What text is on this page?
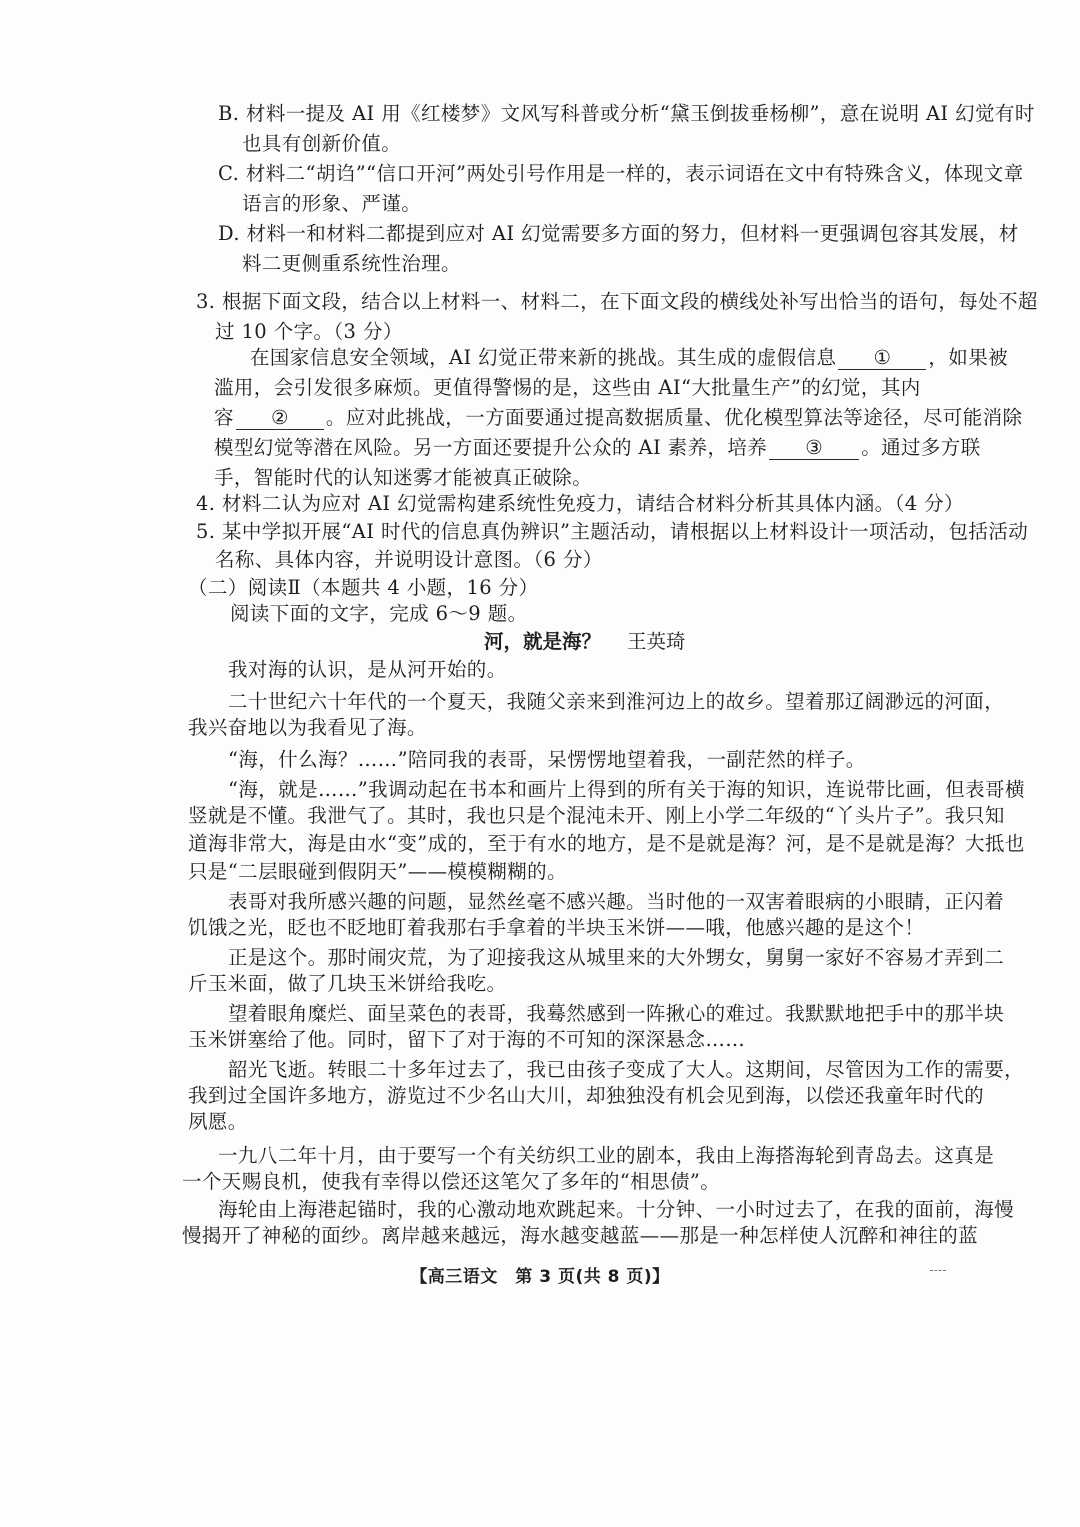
B. 材料一提及 AI 用《红楼梦》文风写科普或分析“黛玉倒拔垂杨柳”，意在说明 AI 幻觉有时
也具有创新价值。
C. 材料二“胡诌”“信口开河”两处引号作用是一样的，表示词语在文中有特殊含义，体现文章
语言的形象、严谨。
D. 材料一和材料二都提到应对 AI 幻觉需要多方面的努力，但材料一更强调包容其发展，材
料二更侧重系统性治理。
3. 根据下面文段，结合以上材料一、材料二，在下面文段的横线处补写出恰当的语句，每处不超
过 10 个字。（3 分）
在国家信息安全领域，AI 幻觉正带来新的挑战。其生成的虚假信息 ① ，如果被
滥用，会引发很多麻烦。更值得警惕的是，这些由 AI“大批量生产”的幻觉，其内
容 ② 。应对此挑战，一方面要通过提高数据质量、优化模型算法等途径，尽可能消除
模型幻觉等潜在风险。另一方面还要提升公众的 AI 素养，培养 ③ 。通过多方联
手，智能时代的认知迷雾才能被真正破除。
4. 材料二认为应对 AI 幻觉需构建系统性免疫力，请结合材料分析其具体内涵。（4 分）
5. 某中学拟开展“AI 时代的信息真伪辨识”主题活动，请根据以上材料设计一项活动，包括活动
名称、具体内容，并说明设计意图。（6 分）
（二）阅读Ⅱ（本题共 4 小题，16 分）
阅读下面的文字，完成 6～9 题。
河，就是海？ 王英琦
我对海的认识，是从河开始的。
二十世纪六十年代的一个夏天，我随父亲来到淮河边上的故乡。望着那辽阔渺远的河面，
我兴奋地以为我看见了海。
“海，什么海？……”陪同我的表哥，呆愣愣地望着我，一副茫然的样子。
“海，就是……”我调动起在书本和画片上得到的所有关于海的知识，连说带比画，但表哥横
竖就是不懂。我泄气了。其时，我也只是个混沌未开、刚上小学二年级的“丫头片子”。我只知
道海非常大，海是由水“变”成的，至于有水的地方，是不是就是海？河，是不是就是海？大抵也
只是“二层眼碰到假阴天”——模模糊糊的。
表哥对我所感兴趣的问题，显然丝毫不感兴趣。当时他的一双害着眼病的小眼睛，正闪着
饥饿之光，眨也不眨地盯着我那右手拿着的半块玉米饼——哦，他感兴趣的是这个！
正是这个。那时闹灾荒，为了迎接我这从城里来的大外甥女，舅舅一家好不容易才弄到二
斤玉米面，做了几块玉米饼给我吃。
望着眼角糜烂、面呈菜色的表哥，我蓦然感到一阵揪心的难过。我默默地把手中的那半块
玉米饼塞给了他。同时，留下了对于海的不可知的深深悬念……
韶光飞逝。转眼二十多年过去了，我已由孩子变成了大人。这期间，尽管因为工作的需要，
我到过全国许多地方，游览过不少名山大川，却独独没有机会见到海，以偿还我童年时代的
夙愿。
一九八二年十月，由于要写一个有关纺织工业的剧本，我由上海搭海轮到青岛去。这真是
一个天赐良机，使我有幸得以偿还这笔欠了多年的“相思债”。
海轮由上海港起锚时，我的心激动地欢跳起来。十分钟、一小时过去了，在我的面前，海慢
慢揭开了神秘的面纱。离岸越来越远，海水越变越蓝——那是一种怎样使人沉醉和神往的蓝
【高三语文　第 3 页(共 8 页)】
